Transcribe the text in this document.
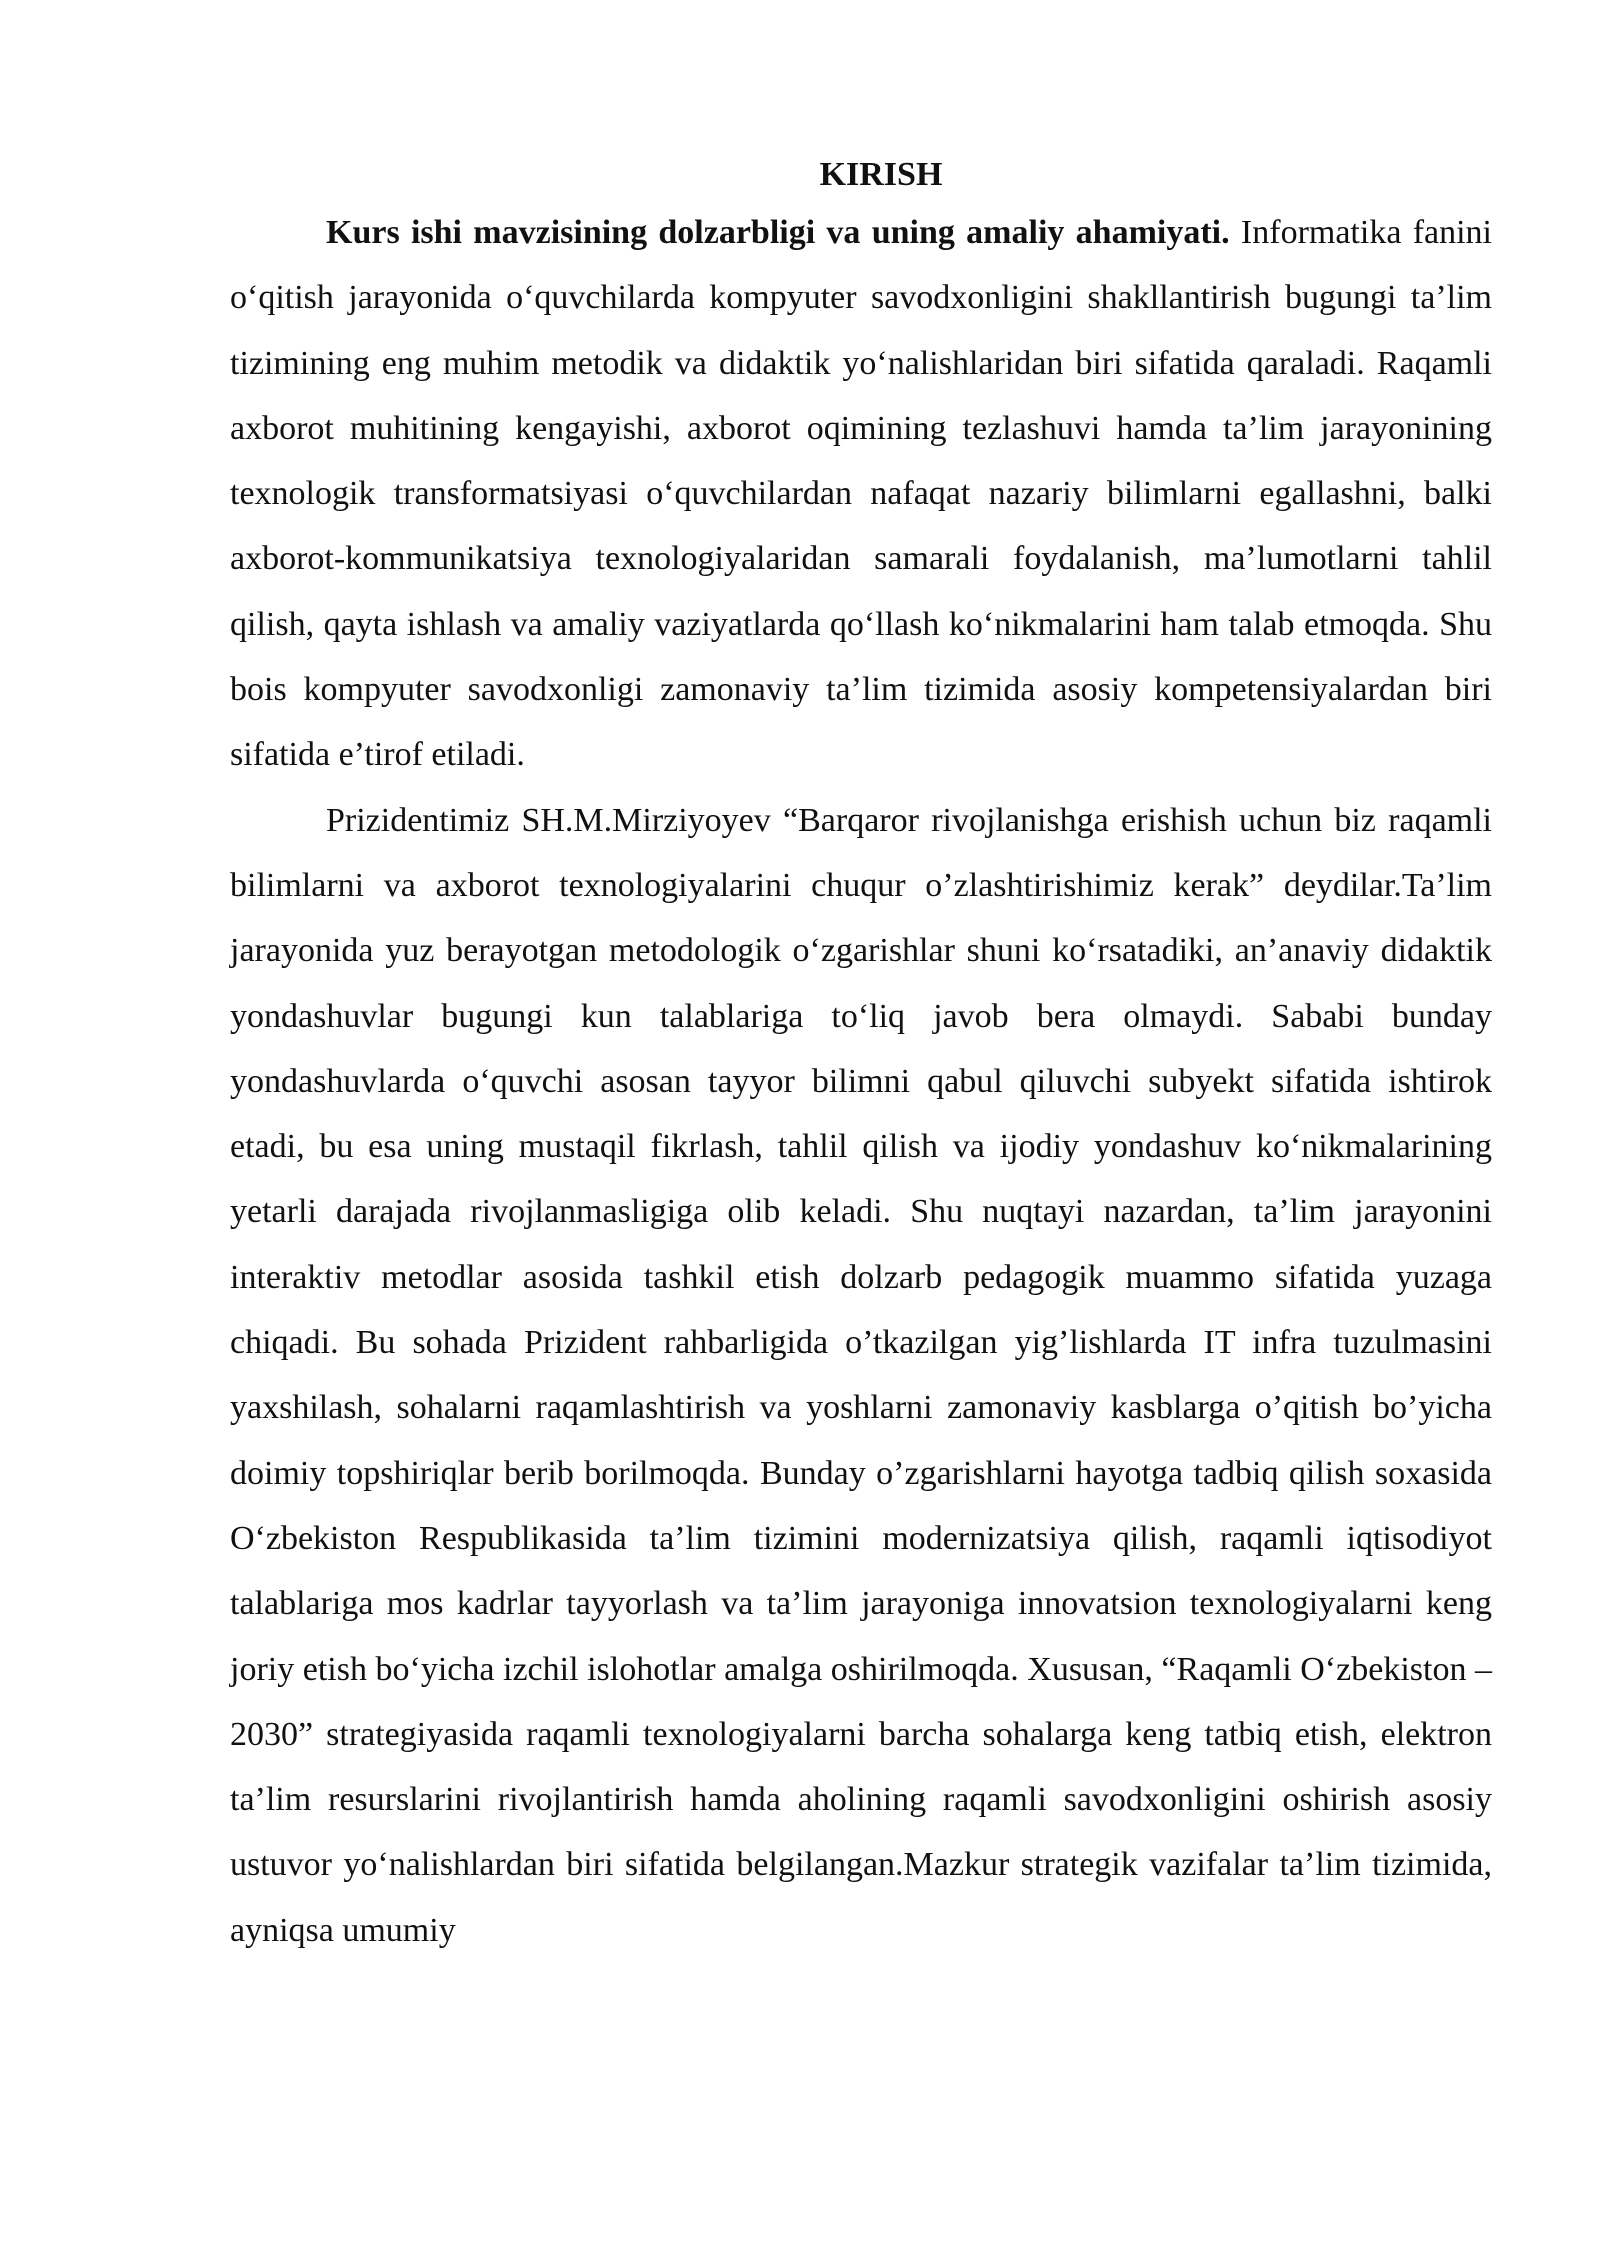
KIRISH

Kurs ishi mavzisining dolzarbligi va uning amaliy ahamiyati. Informatika fanini o‘qitish jarayonida o‘quvchilarda kompyuter savodxonligini shakllantirish bugungi ta’lim tizimining eng muhim metodik va didaktik yo‘nalishlaridan biri sifatida qaraladi. Raqamli axborot muhitining kengayishi, axborot oqimining tezlashuvi hamda ta’lim jarayonining texnologik transformatsiyasi o‘quvchilardan nafaqat nazariy bilimlarni egallashni, balki axborot-kommunikatsiya texnologiyalaridan samarali foydalanish, ma’lumotlarni tahlil qilish, qayta ishlash va amaliy vaziyatlarda qo‘llash ko‘nikmalarini ham talab etmoqda. Shu bois kompyuter savodxonligi zamonaviy ta’lim tizimida asosiy kompetensiyalardan biri sifatida e’tirof etiladi.

Prizidentimiz SH.M.Mirziyoyev “Barqaror rivojlanishga erishish uchun biz raqamli bilimlarni va axborot texnologiyalarini chuqur o’zlashtirishimiz kerak” deydilar.Ta’lim jarayonida yuz berayotgan metodologik o‘zgarishlar shuni ko‘rsatadiki, an’anaviy didaktik yondashuvlar bugungi kun talablariga to‘liq javob bera olmaydi. Sababi bunday yondashuvlarda o‘quvchi asosan tayyor bilimni qabul qiluvchi subyekt sifatida ishtirok etadi, bu esa uning mustaqil fikrlash, tahlil qilish va ijodiy yondashuv ko‘nikmalarining yetarli darajada rivojlanmasligiga olib keladi. Shu nuqtayi nazardan, ta’lim jarayonini interaktiv metodlar asosida tashkil etish dolzarb pedagogik muammo sifatida yuzaga chiqadi. Bu sohada Prizident rahbarligida o’tkazilgan yig’lishlarda IT infra tuzulmasini yaxshilash, sohalarni raqamlashtirish va yoshlarni zamonaviy kasblarga o’qitish bo’yicha doimiy topshiriqlar berib borilmoqda. Bunday o’zgarishlarni hayotga tadbiq qilish soxasida O‘zbekiston Respublikasida ta’lim tizimini modernizatsiya qilish, raqamli iqtisodiyot talablariga mos kadrlar tayyorlash va ta’lim jarayoniga innovatsion texnologiyalarni keng joriy etish bo‘yicha izchil islohotlar amalga oshirilmoqda. Xususan, “Raqamli O‘zbekiston – 2030” strategiyasida raqamli texnologiyalarni barcha sohalarga keng tatbiq etish, elektron ta’lim resurslarini rivojlantirish hamda aholining raqamli savodxonligini oshirish asosiy ustuvor yo‘nalishlardan biri sifatida belgilangan.Mazkur strategik vazifalar ta’lim tizimida, ayniqsa umumiy
